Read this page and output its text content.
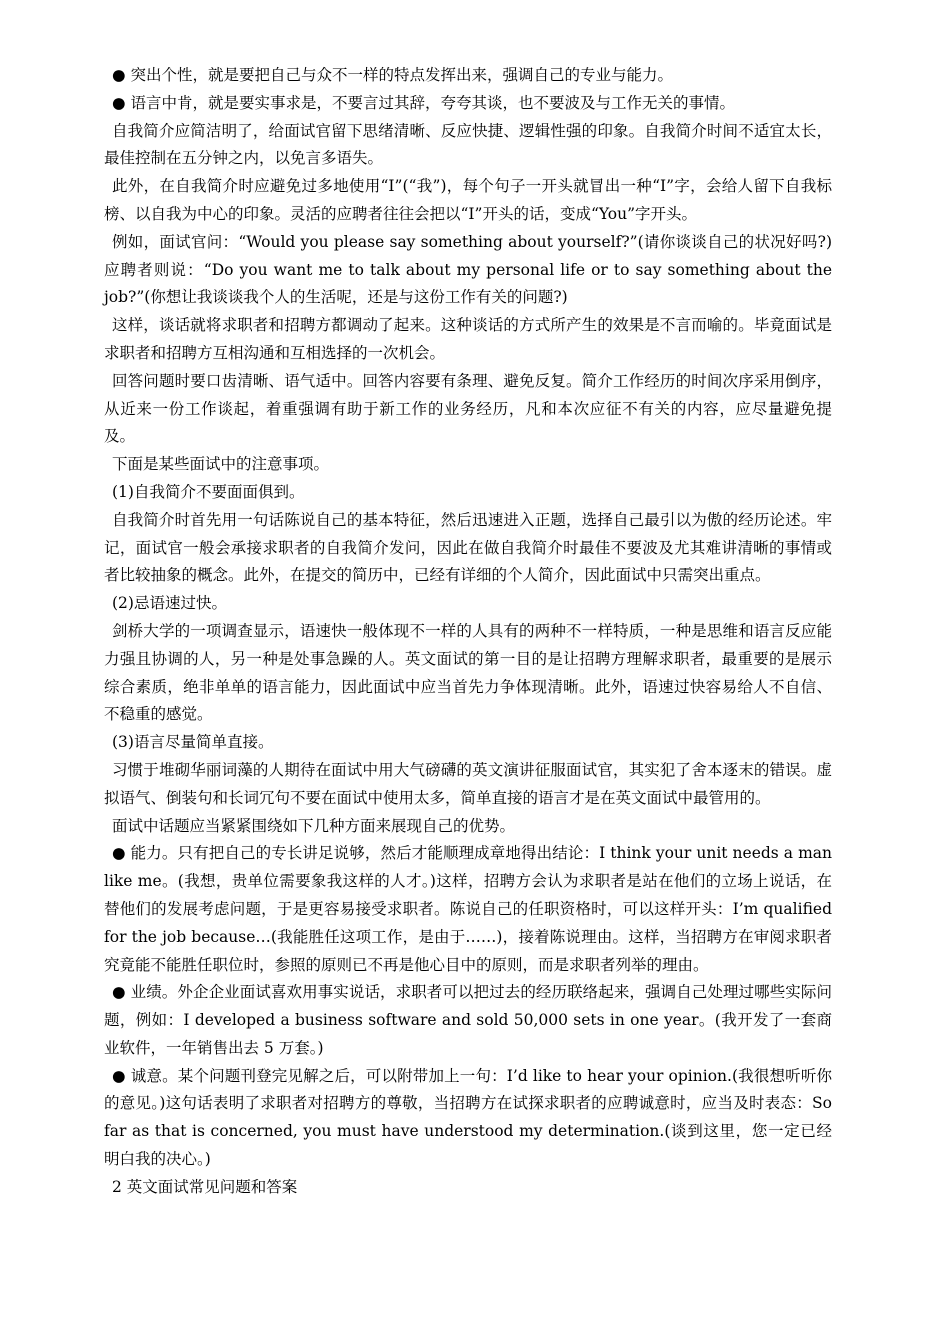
● 突出个性，就是要把自己与众不一样的特点发挥出来，强调自己的专业与能力。

● 语言中肯，就是要实事求是，不要言过其辞，夸夸其谈，也不要波及与工作无关的事情。

自我简介应简洁明了，给面试官留下思绪清晰、反应快捷、逻辑性强的印象。自我简介时间不适宜太长，最佳控制在五分钟之内，以免言多语失。

此外，在自我简介时应避免过多地使用“I”(“我”)，每个句子一开头就冒出一种“I”字，会给人留下自我标榜、以自我为中心的印象。灵活的应聘者往往会把以“I”开头的话，变成“You”字开头。

例如，面试官问：“Would you please say something about yourself?”(请你谈谈自己的状况好吗?)应聘者则说：“Do you want me to talk about my personal life or to say something about the job?”(你想让我谈谈我个人的生活呢，还是与这份工作有关的问题?)

这样，谈话就将求职者和招聘方都调动了起来。这种谈话的方式所产生的效果是不言而喻的。毕竟面试是求职者和招聘方互相沟通和互相选择的一次机会。

回答问题时要口齿清晰、语气适中。回答内容要有条理、避免反复。简介工作经历的时间次序采用倒序，从近来一份工作谈起，着重强调有助于新工作的业务经历，凡和本次应征不有关的内容，应尽量避免提及。

下面是某些面试中的注意事项。

(1)自我简介不要面面俱到。

自我简介时首先用一句话陈说自己的基本特征，然后迅速进入正题，选择自己最引以为傲的经历论述。牢记，面试官一般会承接求职者的自我简介发问，因此在做自我简介时最佳不要波及尤其难讲清晰的事情或者比较抽象的概念。此外，在提交的简历中，已经有详细的个人简介，因此面试中只需突出重点。

(2)忌语速过快。

剑桥大学的一项调查显示，语速快一般体现不一样的人具有的两种不一样特质，一种是思维和语言反应能力强且协调的人，另一种是处事急躁的人。英文面试的第一目的是让招聘方理解求职者，最重要的是展示综合素质，绝非单单的语言能力，因此面试中应当首先力争体现清晰。此外，语速过快容易给人不自信、不稳重的感觉。

(3)语言尽量简单直接。

习惯于堆砌华丽词藻的人期待在面试中用大气磅礴的英文演讲征服面试官，其实犯了舍本逐末的错误。虚拟语气、倒装句和长词冗句不要在面试中使用太多，简单直接的语言才是在英文面试中最管用的。

面试中话题应当紧紧围绕如下几种方面来展现自己的优势。

● 能力。只有把自己的专长讲足说够，然后才能顺理成章地得出结论：I think your unit needs a man like me。(我想，贵单位需要象我这样的人才。)这样，招聘方会认为求职者是站在他们的立场上说话，在替他们的发展考虑问题，于是更容易接受求职者。陈说自己的任职资格时，可以这样开头：I’m qualified for the job because…(我能胜任这项工作，是由于……)，接着陈说理由。这样，当招聘方在审阅求职者究竟能不能胜任职位时，参照的原则已不再是他心目中的原则，而是求职者列举的理由。

● 业绩。外企企业面试喜欢用事实说话，求职者可以把过去的经历联络起来，强调自己处理过哪些实际问题，例如：I developed a business software and sold 50,000 sets in one year。(我开发了一套商业软件，一年销售出去 5 万套。)

● 诚意。某个问题刊登完见解之后，可以附带加上一句：I’d like to hear your opinion.(我很想听听你的意见。)这句话表明了求职者对招聘方的尊敬，当招聘方在试探求职者的应聘诚意时，应当及时表态：So far as that is concerned, you must have understood my determination.(谈到这里，您一定已经明白我的决心。)

2 英文面试常见问题和答案
